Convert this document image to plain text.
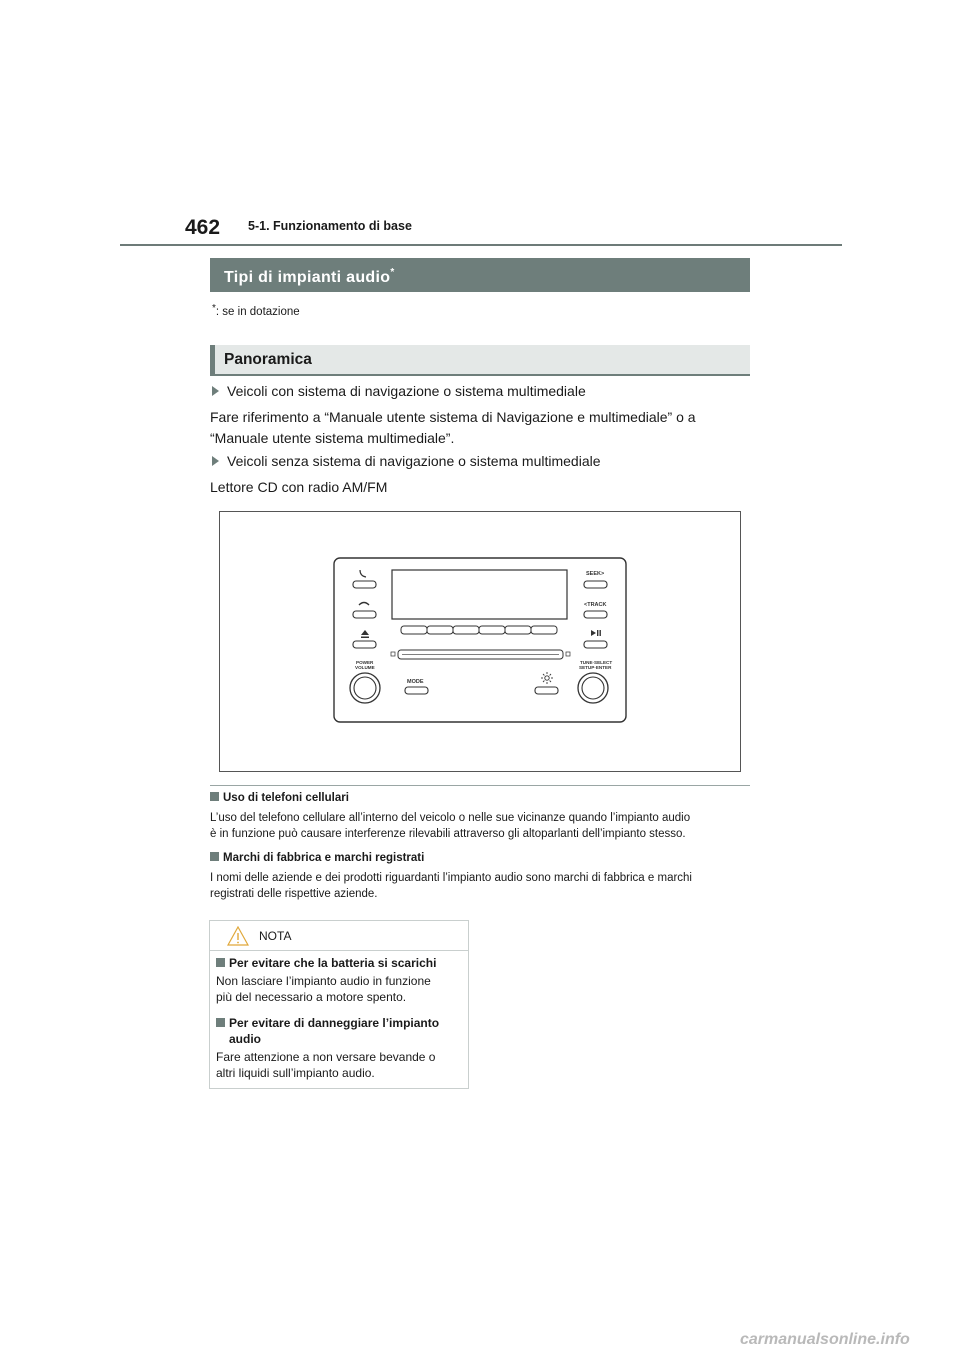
462 5-1. Funzionamento di base
Tipi di impianti audio*
*: se in dotazione
Panoramica
Veicoli con sistema di navigazione o sistema multimediale
Fare riferimento a “Manuale utente sistema di Navigazione e multimediale” o a
“Manuale utente sistema multimediale”.
Veicoli senza sistema di navigazione o sistema multimediale
Lettore CD con radio AM/FM
SEEK>
<TRACK
POWER
VOLUME
TUNE·SELECT
SETUP·ENTER
MODE
Uso di telefoni cellulari
L’uso del telefono cellulare all’interno del veicolo o nelle sue vicinanze quando l’impianto audio
è in funzione può causare interferenze rilevabili attraverso gli altoparlanti dell’impianto stesso.
Marchi di fabbrica e marchi registrati
I nomi delle aziende e dei prodotti riguardanti l’impianto audio sono marchi di fabbrica e marchi
registrati delle rispettive aziende.
NOTA
Per evitare che la batteria si scarichi
Non lasciare l’impianto audio in funzione
più del necessario a motore spento.
Per evitare di danneggiare l’impianto
audio
Fare attenzione a non versare bevande o
altri liquidi sull’impianto audio.
carmanualsonline.info
